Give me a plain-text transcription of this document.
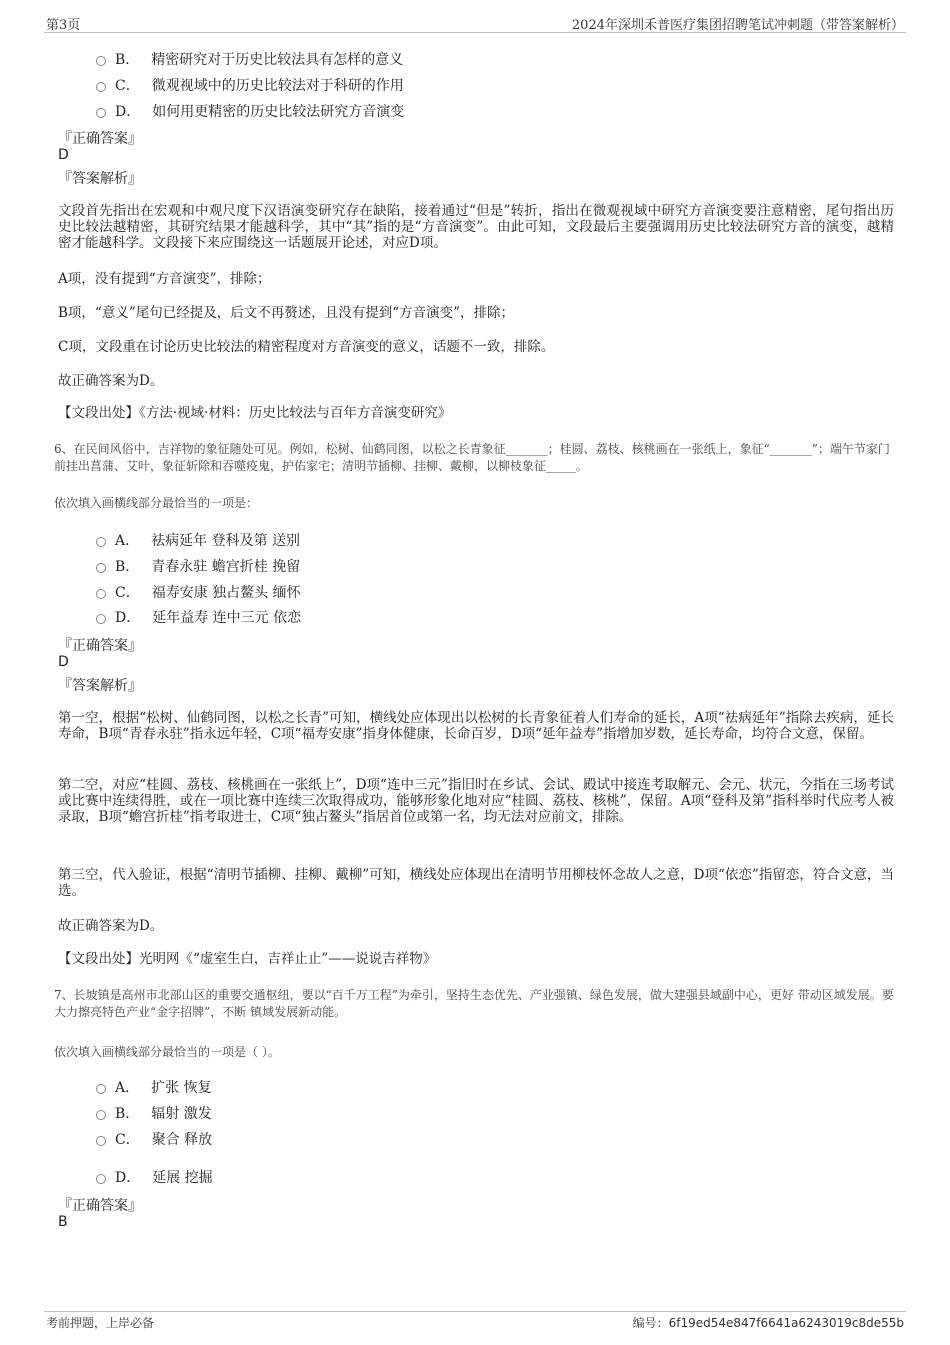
第3页	2024年深圳禾普医疗集团招聘笔试冲刺题（带答案解析）
B． 精密研究对于历史比较法具有怎样的意义
C． 微观视域中的历史比较法对于科研的作用
D． 如何用更精密的历史比较法研究方音演变
『正确答案』
D
『答案解析』
文段首先指出在宏观和中观尺度下汉语演变研究存在缺陷，接着通过“但是”转折，指出在微观视域中研究方音演变要注意精密，尾句指出历史比较法越精密，其研究结果才能越科学，其中“其”指的是“方音演变”。由此可知，文段最后主要强调用历史比较法研究方音的演变，越精密才能越科学。文段接下来应围绕这一话题展开论述，对应D项。
A项，没有提到“方音演变”，排除；
B项，“意义”尾句已经提及，后文不再赘述，且没有提到“方音演变”，排除；
C项，文段重在讨论历史比较法的精密程度对方音演变的意义，话题不一致，排除。
故正确答案为D。
【文段出处】《方法·视域·材料：历史比较法与百年方音演变研究》
6、在民间风俗中，吉祥物的象征随处可见。例如，松树、仙鹤同图，以松之长青象征_______；桂圆、荔枝、核桃画在一张纸上，象征“_______”；端午节家门前挂出菖蒲、艾叶，象征斩除和吞噬疫鬼，护佑家宅；清明节插柳、挂柳、戴柳，以柳枝象征_____。
依次填入画横线部分最恰当的一项是：
A． 祛病延年 登科及第 送别
B． 青春永驻 蟾宫折桂 挽留
C． 福寿安康 独占鳌头 缅怀
D． 延年益寿 连中三元 依恋
『正确答案』
D
『答案解析』
第一空，根据“松树、仙鹤同图，以松之长青”可知，横线处应体现出以松树的长青象征着人们寿命的延长，A项“祛病延年”指除去疾病，延长寿命，B项“青春永驻”指永远年轻，C项“福寿安康”指身体健康，长命百岁，D项“延年益寿”指增加岁数，延长寿命，均符合文意，保留。
第二空，对应“桂圆、荔枝、核桃画在一张纸上”，D项“连中三元”指旧时在乡试、会试、殿试中接连考取解元、会元、状元，今指在三场考试或比赛中连续得胜，或在一项比赛中连续三次取得成功，能够形象化地对应“桂圆、荔枝、核桃”，保留。A项“登科及第”指科举时代应考人被录取，B项“蟾宫折桂”指考取进士，C项“独占鳌头”指居首位或第一名，均无法对应前文，排除。
第三空，代入验证，根据“清明节插柳、挂柳、戴柳”可知，横线处应体现出在清明节用柳枝怀念故人之意，D项“依恋”指留恋，符合文意，当选。
故正确答案为D。
【文段出处】光明网《“虚室生白，吉祥止止”——说说吉祥物》
7、长坡镇是高州市北部山区的重要交通枢纽，要以“百千万工程”为牵引，坚持生态优先、产业强镇、绿色发展，做大建强县域副中心，更好 带动区域发展。要大力擦亮特色产业“金字招牌”，不断 镇域发展新动能。
依次填入画横线部分最恰当的一项是（ ）。
A． 扩张 恢复
B． 辐射 激发
C． 聚合 释放
D． 延展 挖掘
『正确答案』
B
考前押题，上岸必备	编号：6f19ed54e847f6641a6243019c8de55b
